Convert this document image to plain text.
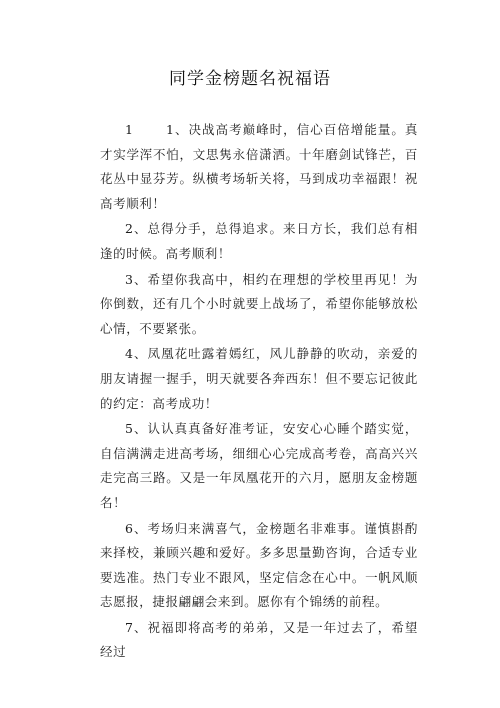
同学金榜题名祝福语

1	1、决战高考巅峰时，信心百倍增能量。真才实学浑不怕，文思隽永倍潇洒。十年磨剑试锋芒，百花丛中显芬芳。纵横考场斩关将，马到成功幸福跟！祝高考顺利！

2、总得分手，总得追求。来日方长，我们总有相逢的时候。高考顺利！

3、希望你我高中，相约在理想的学校里再见！为你倒数，还有几个小时就要上战场了，希望你能够放松心情，不要紧张。

4、凤凰花吐露着嫣红，风儿静静的吹动，亲爱的朋友请握一握手，明天就要各奔西东！但不要忘记彼此的约定：高考成功！

5、认认真真备好准考证，安安心心睡个踏实觉，自信满满走进高考场，细细心心完成高考卷，高高兴兴走完高三路。又是一年凤凰花开的六月，愿朋友金榜题名！

6、考场归来满喜气，金榜题名非难事。谨慎斟酌来择校，兼顾兴趣和爱好。多多思量勤咨询，合适专业要选准。热门专业不跟风，坚定信念在心中。一帆风顺志愿报，捷报翩翩会来到。愿你有个锦绣的前程。

7、祝福即将高考的弟弟，又是一年过去了，希望经过
